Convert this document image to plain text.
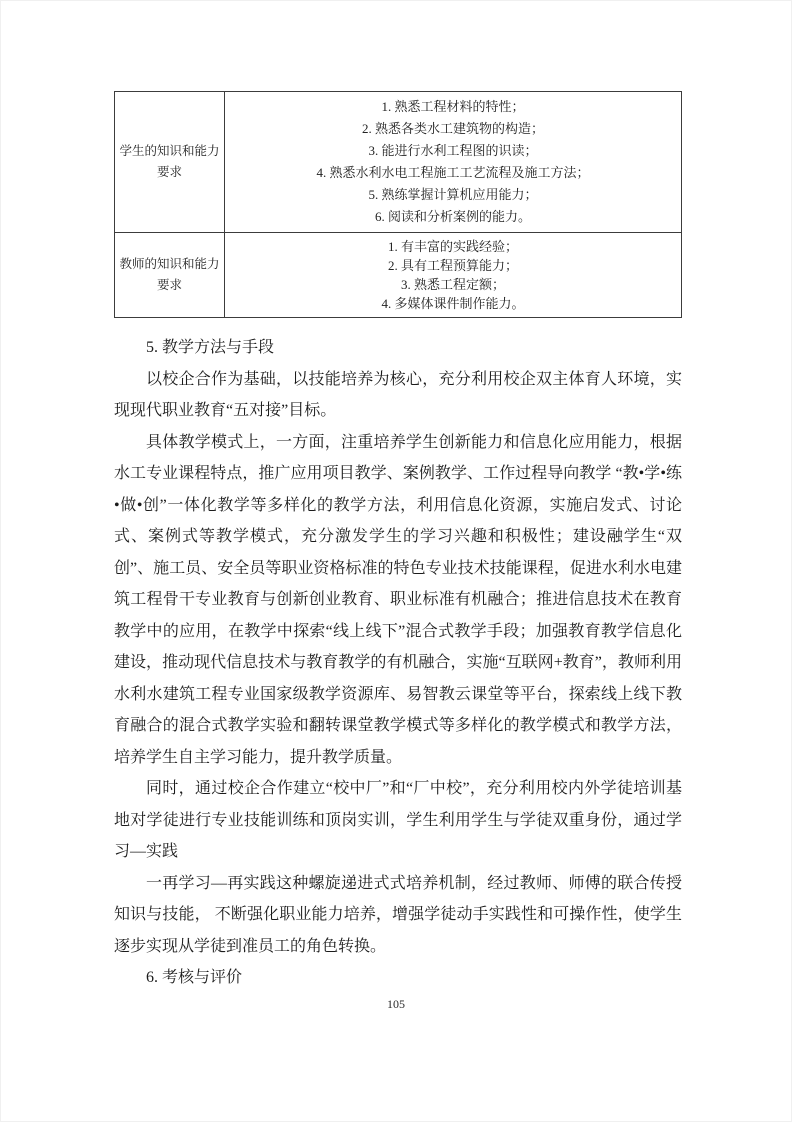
学生的知识和能力要求	
1. 熟悉工程材料的特性；
2. 熟悉各类水工建筑物的构造；
3. 能进行水利工程图的识读；
4. 熟悉水利水电工程施工工艺流程及施工方法；
5. 熟练掌握计算机应用能力；
6. 阅读和分析案例的能力。

教师的知识和能力要求	1. 有丰富的实践经验；
2. 具有工程预算能力；
3. 熟悉工程定额；
4. 多媒体课件制作能力。

5. 教学方法与手段

以校企合作为基础，以技能培养为核心，充分利用校企双主体育人环境，实现现代职业教育“五对接”目标。

具体教学模式上，一方面，注重培养学生创新能力和信息化应用能力，根据水工专业课程特点，推广应用项目教学、案例教学、工作过程导向教学 “教•学•练•做•创”一体化教学等多样化的教学方法，利用信息化资源，实施启发式、讨论式、案例式等教学模式，充分激发学生的学习兴趣和积极性；建设融学生“双创”、施工员、安全员等职业资格标准的特色专业技术技能课程，促进水利水电建筑工程骨干专业教育与创新创业教育、职业标准有机融合；推进信息技术在教育教学中的应用，在教学中探索“线上线下”混合式教学手段；加强教育教学信息化建设，推动现代信息技术与教育教学的有机融合，实施“互联网+教育”，教师利用水利水建筑工程专业国家级教学资源库、易智教云课堂等平台，探索线上线下教育融合的混合式教学实验和翻转课堂教学模式等多样化的教学模式和教学方法，培养学生自主学习能力，提升教学质量。

同时，通过校企合作建立“校中厂”和“厂中校”，充分利用校内外学徒培训基地对学徒进行专业技能训练和顶岗实训，学生利用学生与学徒双重身份，通过学习—实践

一再学习—再实践这种螺旋递进式式培养机制，经过教师、师傅的联合传授知识与技能， 不断强化职业能力培养，增强学徒动手实践性和可操作性，使学生逐步实现从学徒到准员工的角色转换。

6. 考核与评价

105
